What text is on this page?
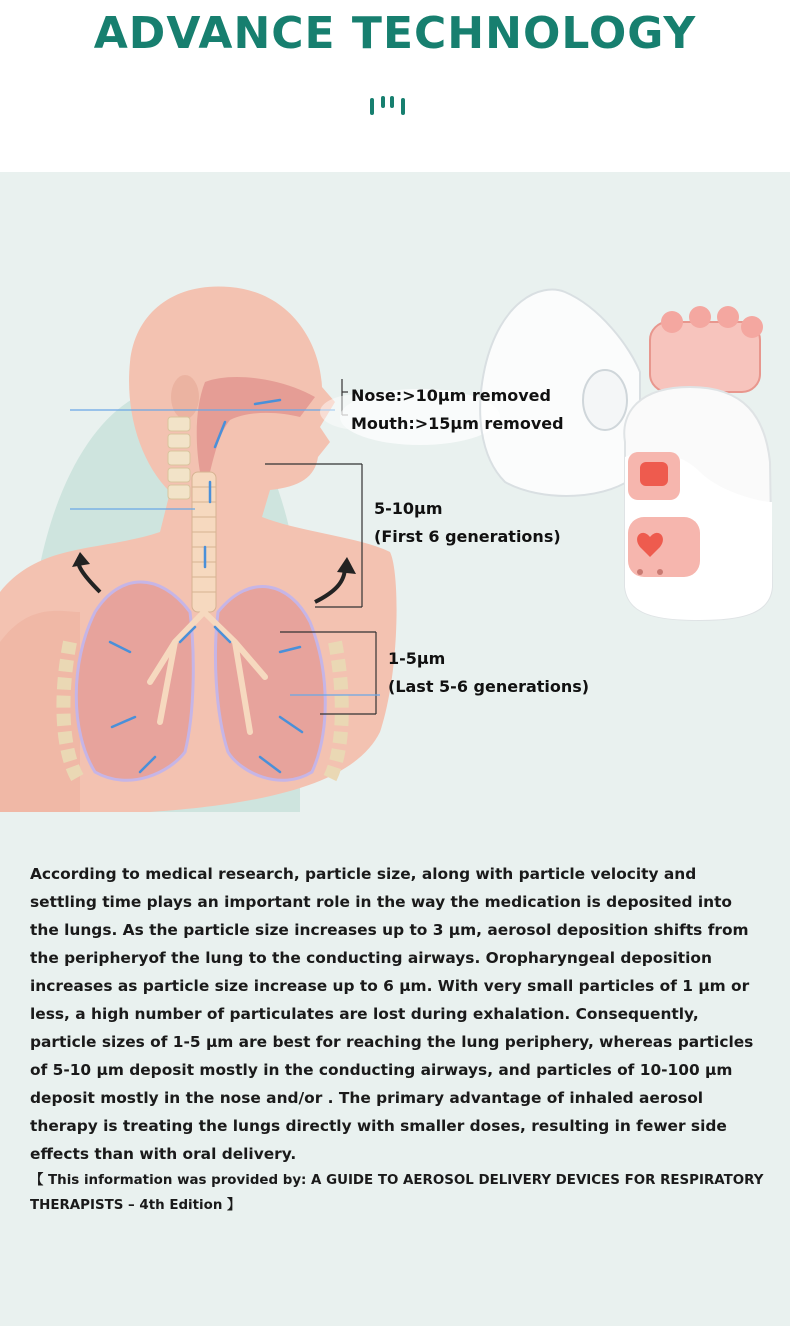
ADVANCE TECHNOLOGY
Nose:>10μm removed
Mouth:>15μm removed
5-10μm
(First 6 generations)
1-5μm
(Last 5-6 generations)
According to medical research, particle size, along with particle velocity and settling time plays an important role in the way the medication is deposited into the lungs. As the particle size increases up to 3 μm, aerosol deposition shifts from the peripheryof the lung to the conducting airways. Oropharyngeal deposition increases as particle size increase up to 6 μm. With very small particles of 1 μm or less, a high number of particulates are lost during exhalation. Consequently, particle sizes of 1-5 μm are best for reaching the lung periphery, whereas particles of 5-10 μm deposit mostly in the conducting airways, and particles of 10-100 μm deposit mostly in the nose and/or . The primary advantage of inhaled aerosol therapy is treating the lungs directly with smaller doses, resulting in fewer side effects than with oral delivery.
【 This information was provided by: A GUIDE TO AEROSOL DELIVERY DEVICES FOR RESPIRATORY THERAPISTS – 4th Edition 】
